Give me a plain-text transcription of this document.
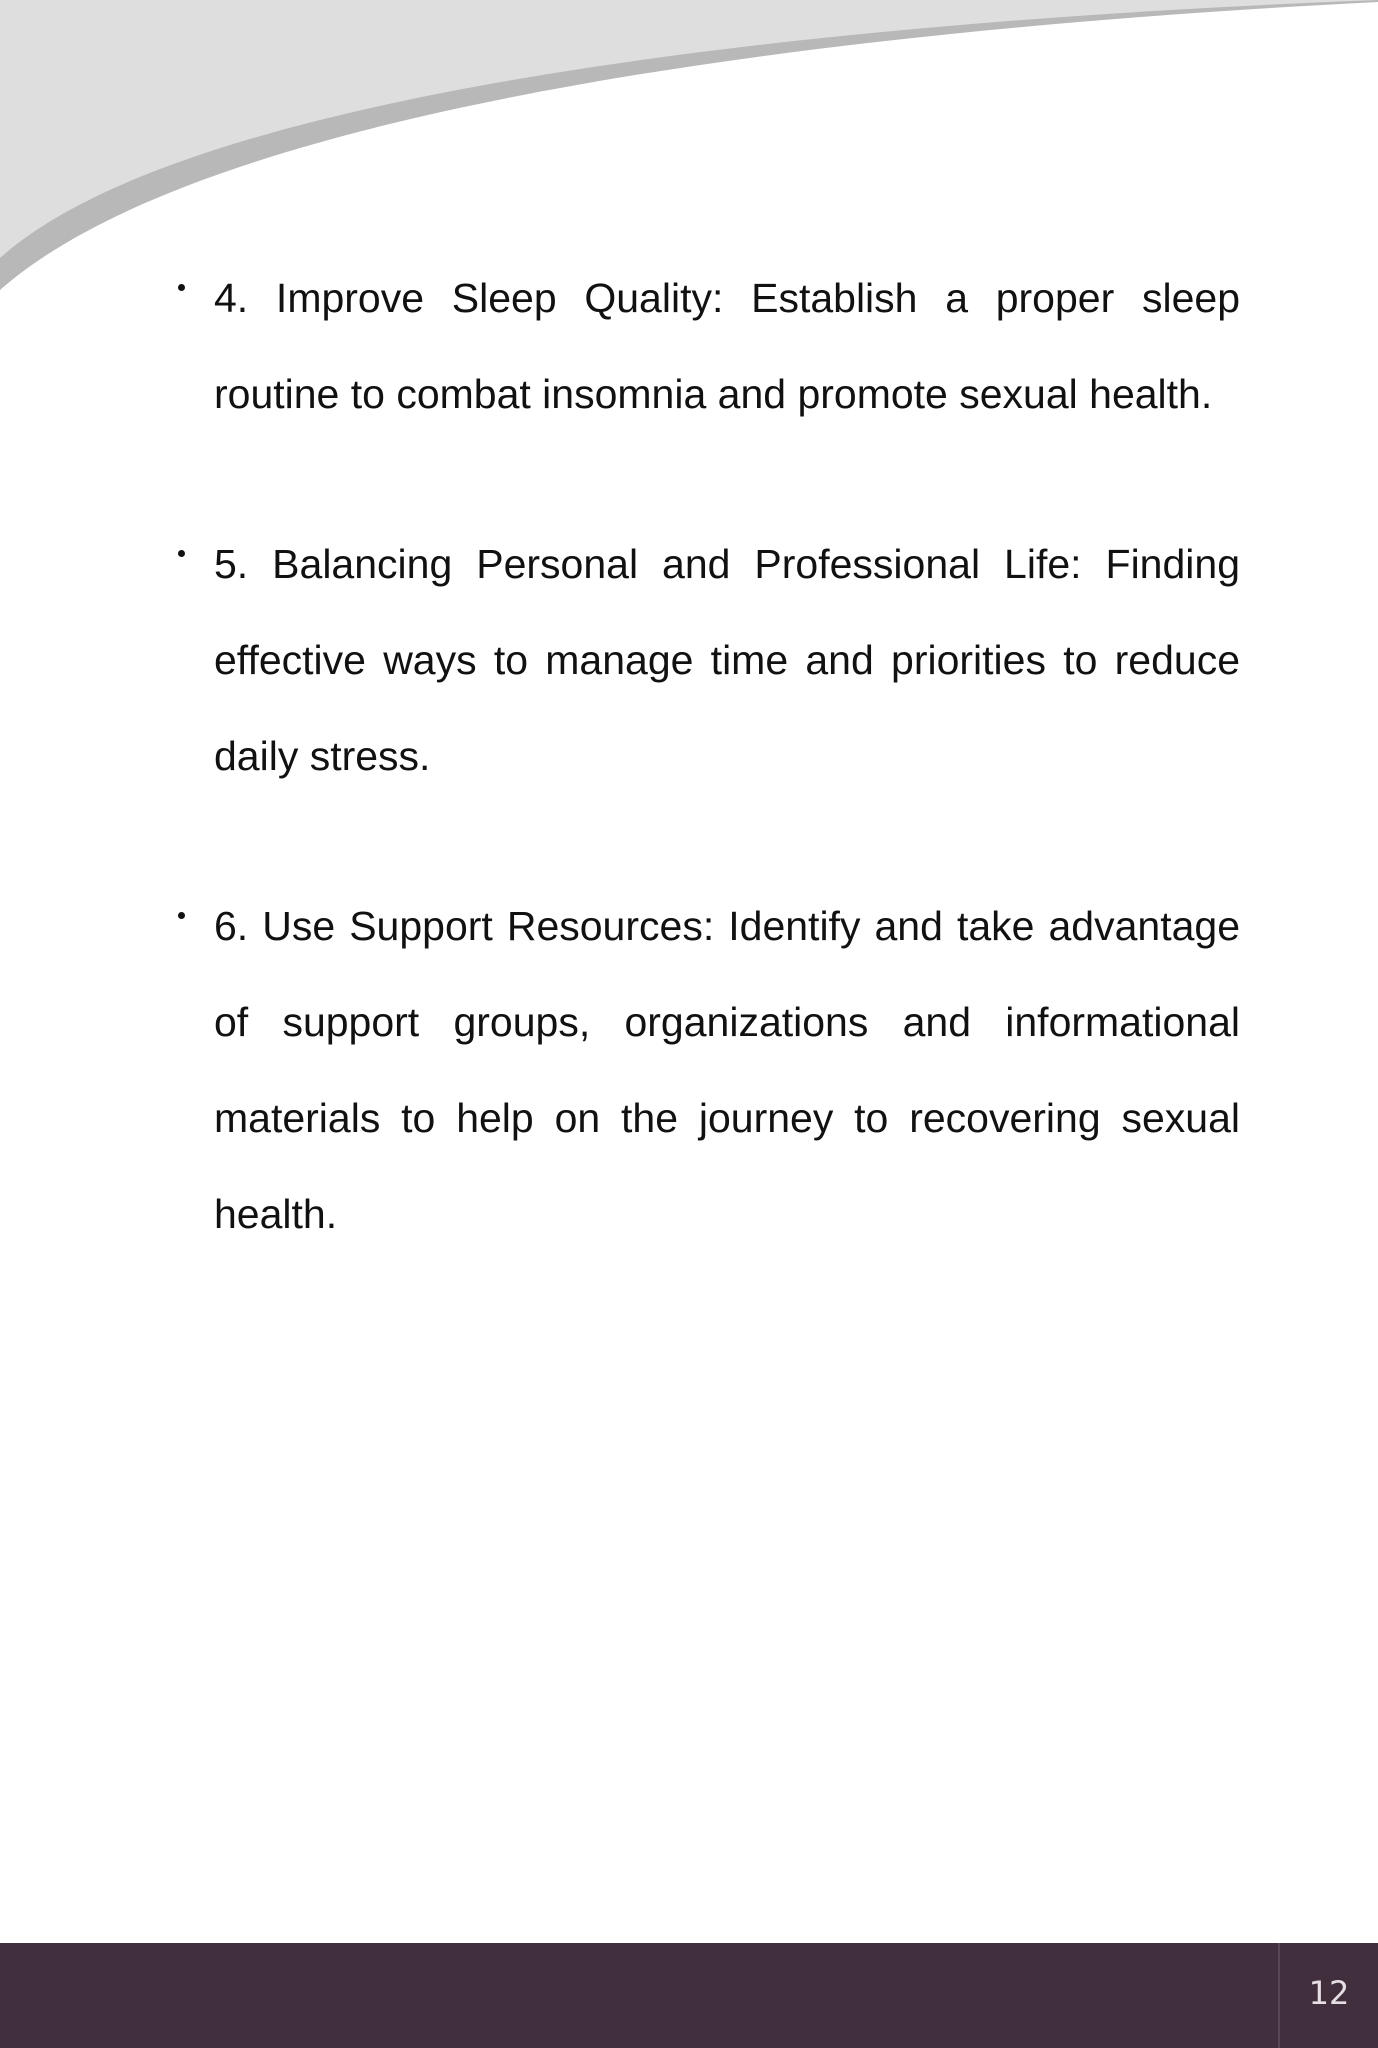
4. Improve Sleep Quality: Establish a proper sleep routine to combat insomnia and promote sexual health.
5. Balancing Personal and Professional Life: Finding effective ways to manage time and priorities to reduce daily stress.
6. Use Support Resources: Identify and take advantage of support groups, organizations and informational materials to help on the journey to recovering sexual health.
12
